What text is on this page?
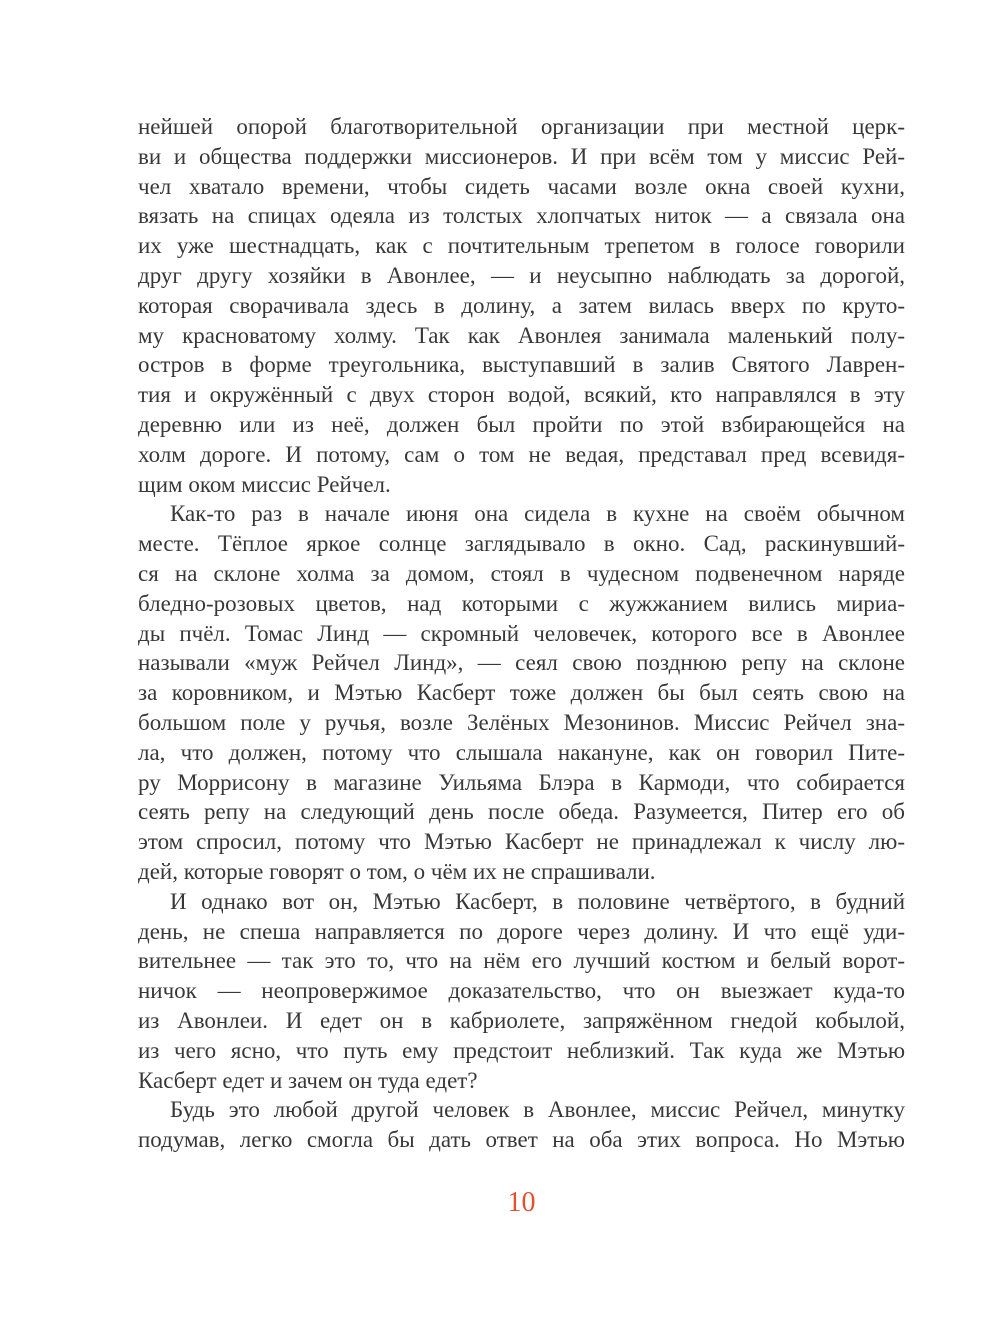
нейшей опорой благотворительной организации при местной церк-
ви и общества поддержки миссионеров. И при всём том у миссис Рей-
чел хватало времени, чтобы сидеть часами возле окна своей кухни,
вязать на спицах одеяла из толстых хлопчатых ниток — а связала она
их уже шестнадцать, как с почтительным трепетом в голосе говорили
друг другу хозяйки в Авонлее, — и неусыпно наблюдать за дорогой,
которая сворачивала здесь в долину, а затем вилась вверх по круто-
му красноватому холму. Так как Авонлея занимала маленький полу-
остров в форме треугольника, выступавший в залив Святого Лаврен-
тия и окружённый с двух сторон водой, всякий, кто направлялся в эту
деревню или из неё, должен был пройти по этой взбирающейся на
холм дороге. И потому, сам о том не ведая, представал пред всевидя-
щим оком миссис Рейчел.
Как-то раз в начале июня она сидела в кухне на своём обычном
месте. Тёплое яркое солнце заглядывало в окно. Сад, раскинувший-
ся на склоне холма за домом, стоял в чудесном подвенечном наряде
бледно-розовых цветов, над которыми с жужжанием вились мириа-
ды пчёл. Томас Линд — скромный человечек, которого все в Авонлее
называли «муж Рейчел Линд», — сеял свою позднюю репу на склоне
за коровником, и Мэтью Касберт тоже должен бы был сеять свою на
большом поле у ручья, возле Зелёных Мезонинов. Миссис Рейчел зна-
ла, что должен, потому что слышала накануне, как он говорил Пите-
ру Моррисону в магазине Уильяма Блэра в Кармоди, что собирается
сеять репу на следующий день после обеда. Разумеется, Питер его об
этом спросил, потому что Мэтью Касберт не принадлежал к числу лю-
дей, которые говорят о том, о чём их не спрашивали.
И однако вот он, Мэтью Касберт, в половине четвёртого, в будний
день, не спеша направляется по дороге через долину. И что ещё уди-
вительнее — так это то, что на нём его лучший костюм и белый ворот-
ничок — неопровержимое доказательство, что он выезжает куда-то
из Авонлеи. И едет он в кабриолете, запряжённом гнедой кобылой,
из чего ясно, что путь ему предстоит неблизкий. Так куда же Мэтью
Касберт едет и зачем он туда едет?
Будь это любой другой человек в Авонлее, миссис Рейчел, минутку
подумав, легко смогла бы дать ответ на оба этих вопроса. Но Мэтью
10
